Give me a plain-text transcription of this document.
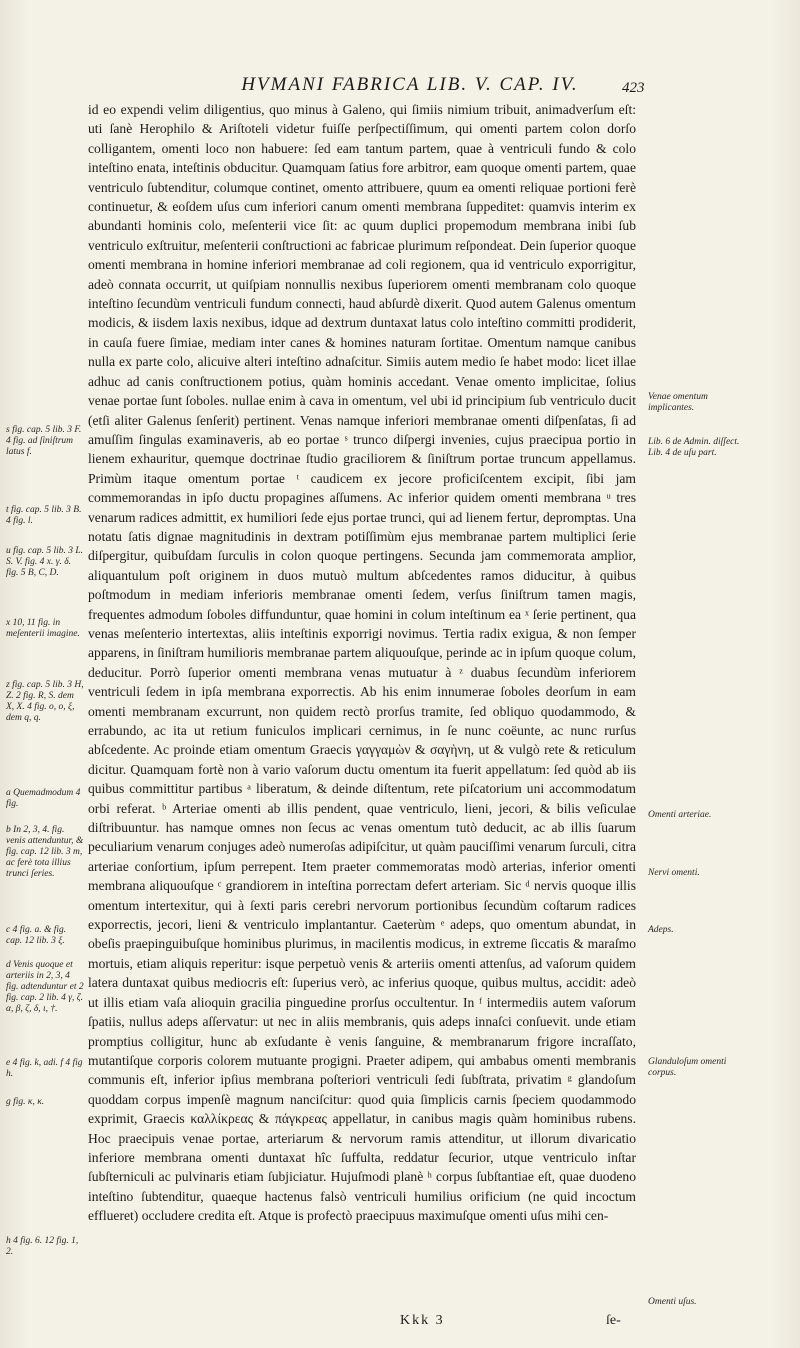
HVMANI FABRICA LIB. V. CAP. IV.	423

id eo expendi velim diligentius, quo minus à Galeno, qui ſimiis nimium tribuit, animadverſum eſt: uti ſanè Herophilo & Ariſtoteli videtur fuiſſe perſpectiſſimum, qui omenti partem colon dorſo colligantem, omenti loco non habuere: ſed eam tantum partem, quae à ventriculi fundo & colo inteſtino enata, inteſtinis obducitur. Quamquam ſatius fore arbitror, eam quoque omenti partem, quae ventriculo ſubtenditur, columque continet, omento attribuere, quum ea omenti reliquae portioni ferè continuetur, & eoſdem uſus cum inferiori canum omenti membrana ſuppeditet: quamvis interim ex abundanti hominis colo, meſenterii vice ſit: ac quum duplici propemodum membrana inibi ſub ventriculo exſtruitur, meſenterii conſtructioni ac fabricae plurimum reſpondeat. Dein ſuperior quoque omenti membrana in homine inferiori membranae ad coli regionem, qua id ventriculo exporrigitur, adeò connata occurrit, ut quiſpiam nonnullis nexibus ſuperiorem omenti membranam colo quoque inteſtino ſecundùm ventriculi fundum connecti, haud abſurdè dixerit. Quod autem Galenus omentum modicis, & iisdem laxis nexibus, idque ad dextrum duntaxat latus colo inteſtino committi prodiderit, in cauſa fuere ſimiae, mediam inter canes & homines naturam ſortitae. Omentum namque canibus nulla ex parte colo, alicuive alteri inteſtino adnaſcitur. Simiis autem medio ſe habet modo: licet illae adhuc ad canis conſtructionem potius, quàm hominis accedant. Venae omento implicitae, ſolius venae portae ſunt ſoboles. nullae enim à cava in omentum, vel ubi id principium ſub ventriculo ducit (etſi aliter Galenus ſenſerit) pertinent. Venas namque inferiori membranae omenti diſpenſatas, ſi ad amuſſim ſingulas examinaveris, ab eo portae ˢ trunco diſpergi invenies, cujus praecipua portio in lienem exhauritur, quemque doctrinae ſtudio graciliorem & ſiniſtrum portae truncum appellamus. Primùm itaque omentum portae ᵗ caudicem ex jecore proficiſcentem excipit, ſibi jam commemorandas in ipſo ductu propagines aſſumens. Ac inferior quidem omenti membrana ᵘ tres venarum radices admittit, ex humiliori ſede ejus portae trunci, qui ad lienem fertur, depromptas. Una notatu ſatis dignae magnitudinis in dextram potiſſimùm ejus membranae partem multiplici ſerie diſpergitur, quibuſdam ſurculis in colon quoque pertingens. Secunda jam commemorata amplior, aliquantulum poſt originem in duos mutuò multum abſcedentes ramos diducitur, à quibus poſtmodum in mediam inferioris membranae omenti ſedem, verſus ſiniſtrum tamen magis, frequentes admodum ſoboles diffunduntur, quae homini in colum inteſtinum ea ˣ ſerie pertinent, qua venas meſenterio intertextas, aliis inteſtinis exporrigi novimus. Tertia radix exigua, & non ſemper apparens, in ſiniſtram humilioris membranae partem aliquouſque, perinde ac in ipſum quoque colum, deducitur. Porrò ſuperior omenti membrana venas mutuatur à ᶻ duabus ſecundùm inferiorem ventriculi ſedem in ipſa membrana exporrectis. Ab his enim innumerae ſoboles deorſum in eam omenti membranam excurrunt, non quidem rectò prorſus tramite, ſed obliquo quodammodo, & errabundo, ac ita ut retium funiculos implicari cernimus, in ſe nunc coëunte, ac nunc rurſus abſcedente. Ac proinde etiam omentum Graecis γαγγαμὼν & σαγὴνη, ut & vulgò rete & reticulum dicitur. Quamquam fortè non à vario vaſorum ductu omentum ita fuerit appellatum: ſed quòd ab iis quibus committitur partibus ᵃ liberatum, & deinde diſtentum, rete piſcatorium uni accommodatum orbi referat. ᵇ Arteriae omenti ab illis pendent, quae ventriculo, lieni, jecori, & bilis veſiculae diſtribuuntur. has namque omnes non ſecus ac venas omentum tutò deducit, ac ab illis ſuarum peculiarium venarum conjuges adeò numeroſas adipiſcitur, ut quàm pauciſſimi venarum ſurculi, citra arteriae conſortium, ipſum perrepent. Item praeter commemoratas modò arterias, inferior omenti membrana aliquouſque ᶜ grandiorem in inteſtina porrectam defert arteriam. Sic ᵈ nervis quoque illis omentum intertexitur, qui à ſexti paris cerebri nervorum portionibus ſecundùm coſtarum radices exporrectis, jecori, lieni & ventriculo implantantur. Caeterùm ᵉ adeps, quo omentum abundat, in obeſis praepinguibuſque hominibus plurimus, in macilentis modicus, in extreme ſiccatis & maraſmo mortuis, etiam aliquis reperitur: isque perpetuò venis & arteriis omenti attenſus, ad vaſorum quidem latera duntaxat quibus mediocris eſt: ſuperius verò, ac inferius quoque, quibus multus, accidit: adeò ut illis etiam vaſa alioquin gracilia pinguedine prorſus occultentur. In ᶠ intermediis autem vaſorum ſpatiis, nullus adeps aſſervatur: ut nec in aliis membranis, quis adeps innaſci conſuevit. unde etiam promptius colligitur, hunc ab exſudante è venis ſanguine, & membranarum frigore incraſſato, mutantiſque corporis colorem mutuante progigni. Praeter adipem, qui ambabus omenti membranis communis eſt, inferior ipſius membrana poſteriori ventriculi ſedi ſubſtrata, privatim ᵍ glandoſum quoddam corpus impenſè magnum nanciſcitur: quod quia ſimplicis carnis ſpeciem quodammodo exprimit, Graecis καλλίκρεας & πάγκρεας appellatur, in canibus magis quàm hominibus rubens. Hoc praecipuis venae portae, arteriarum & nervorum ramis attenditur, ut illorum divaricatio inferiore membrana omenti duntaxat hîc ſuffulta, reddatur ſecurior, utque ventriculo inſtar ſubſterniculi ac pulvinaris etiam ſubjiciatur. Hujuſmodi planè ʰ corpus ſubſtantiae eſt, quae duodeno inteſtino ſubtenditur, quaeque hactenus falsò ventriculi humilius orificium (ne quid incoctum efflueret) occludere credita eſt. Atque is profectò praecipuus maximuſque omenti uſus mihi cen-

s fig. cap. 5 lib. 3 F. 4 fig. ad ſiniſtrum latus f.
t fig. cap. 5 lib. 3 B. 4 fig. l.
u fig. cap. 5 lib. 3 L. S. V. fig. 4 x. γ. δ. fig. 5 B, C, D.
x 10, 11 fig. in meſenterii imagine.
z fig. cap. 5 lib. 3 H, Z. 2 fig. R, S. dem X, X. 4 fig. o, o, ξ, dem q, q.
a Quemadmodum 4 fig.
b In 2, 3, 4. fig. venis attenduntur, & fig. cap. 12 lib. 3 m, ac ferè tota illius trunci ſeries.
c 4 fig. a. & fig. cap. 12 lib. 3 ξ.
d Venis quoque et arteriis in 2, 3, 4 fig. adtenduntur et 2 fig. cap. 2 lib. 4 γ, ζ. α, β, ζ, δ, ι, †.
e 4 fig. k, adi. f 4 fig h.
g fig. κ, κ.
h 4 fig. 6. 12 fig. 1, 2.
Venae omentum implicantes.
Lib. 6 de Admin. diſſect. Lib. 4 de uſu part.
Omenti arteriae.
Nervi omenti.
Adeps.
Glanduloſum omenti corpus.
Omenti uſus.
Kkk 3	ſe-
